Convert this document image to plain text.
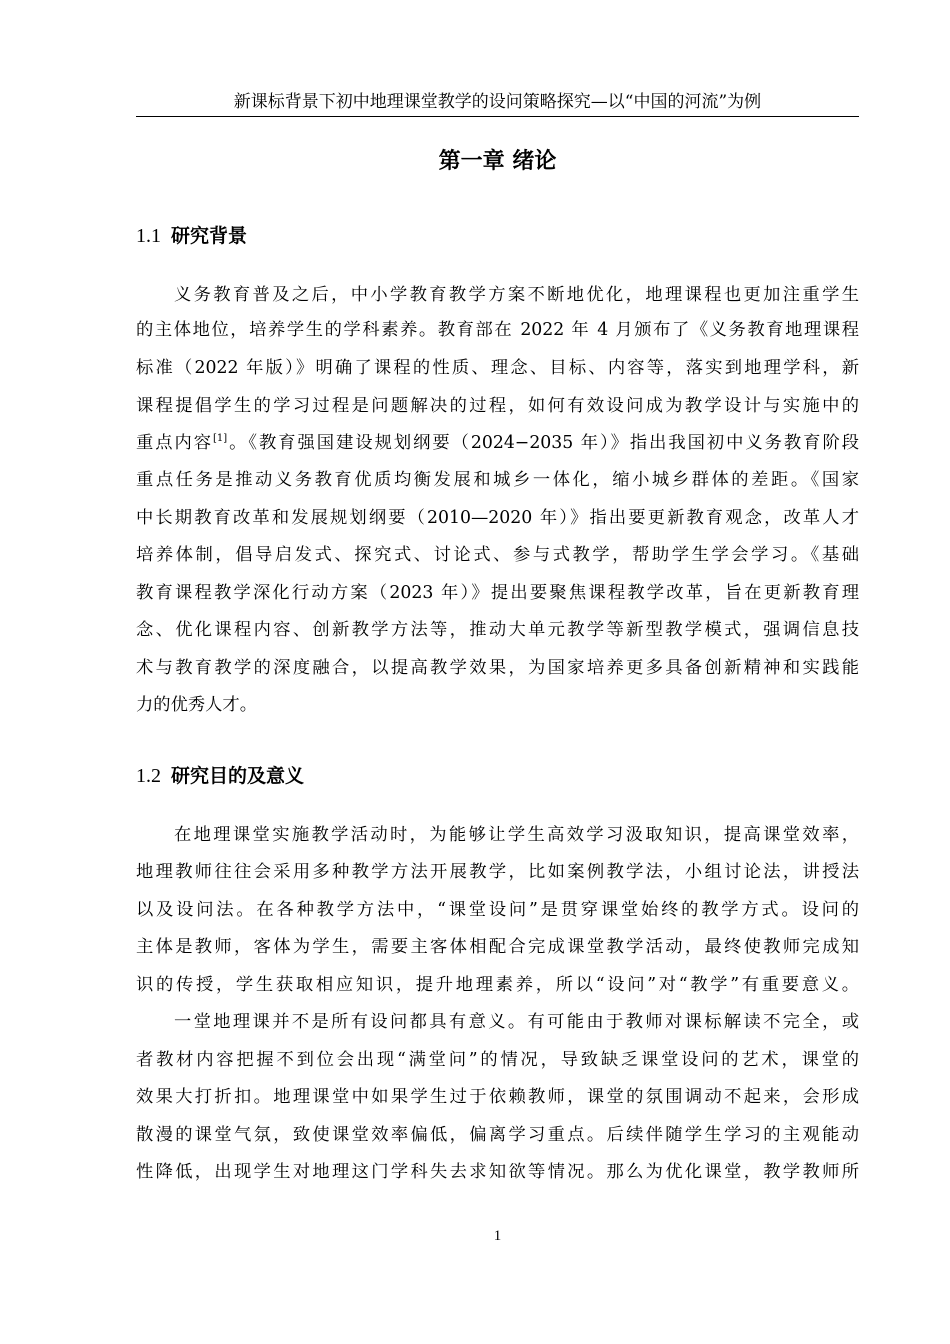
新课标背景下初中地理课堂教学的设问策略探究—以“中国的河流”为例
第一章 绪论
1.1 研究背景
义务教育普及之后，中小学教育教学方案不断地优化，地理课程也更加注重学生
的主体地位，培养学生的学科素养。教育部在 2022 年 4 月颁布了《义务教育地理课程
标准（2022 年版）》明确了课程的性质、理念、目标、内容等，落实到地理学科，新
课程提倡学生的学习过程是问题解决的过程，如何有效设问成为教学设计与实施中的
重点内容[1]。《教育强国建设规划纲要（2024−2035 年）》指出我国初中义务教育阶段
重点任务是推动义务教育优质均衡发展和城乡一体化，缩小城乡群体的差距。《国家
中长期教育改革和发展规划纲要（2010—2020 年）》指出要更新教育观念，改革人才
培养体制，倡导启发式、探究式、讨论式、参与式教学，帮助学生学会学习。《基础
教育课程教学深化行动方案（2023 年）》提出要聚焦课程教学改革，旨在更新教育理
念、优化课程内容、创新教学方法等，推动大单元教学等新型教学模式，强调信息技
术与教育教学的深度融合，以提高教学效果，为国家培养更多具备创新精神和实践能
力的优秀人才。
1.2 研究目的及意义
在地理课堂实施教学活动时，为能够让学生高效学习汲取知识，提高课堂效率，
地理教师往往会采用多种教学方法开展教学，比如案例教学法，小组讨论法，讲授法
以及设问法。在各种教学方法中，“课堂设问”是贯穿课堂始终的教学方式。设问的
主体是教师，客体为学生，需要主客体相配合完成课堂教学活动，最终使教师完成知
识的传授，学生获取相应知识，提升地理素养，所以“设问”对“教学”有重要意义。
一堂地理课并不是所有设问都具有意义。有可能由于教师对课标解读不完全，或
者教材内容把握不到位会出现“满堂问”的情况，导致缺乏课堂设问的艺术，课堂的
效果大打折扣。地理课堂中如果学生过于依赖教师，课堂的氛围调动不起来，会形成
散漫的课堂气氛，致使课堂效率偏低，偏离学习重点。后续伴随学生学习的主观能动
性降低，出现学生对地理这门学科失去求知欲等情况。那么为优化课堂，教学教师所
1
